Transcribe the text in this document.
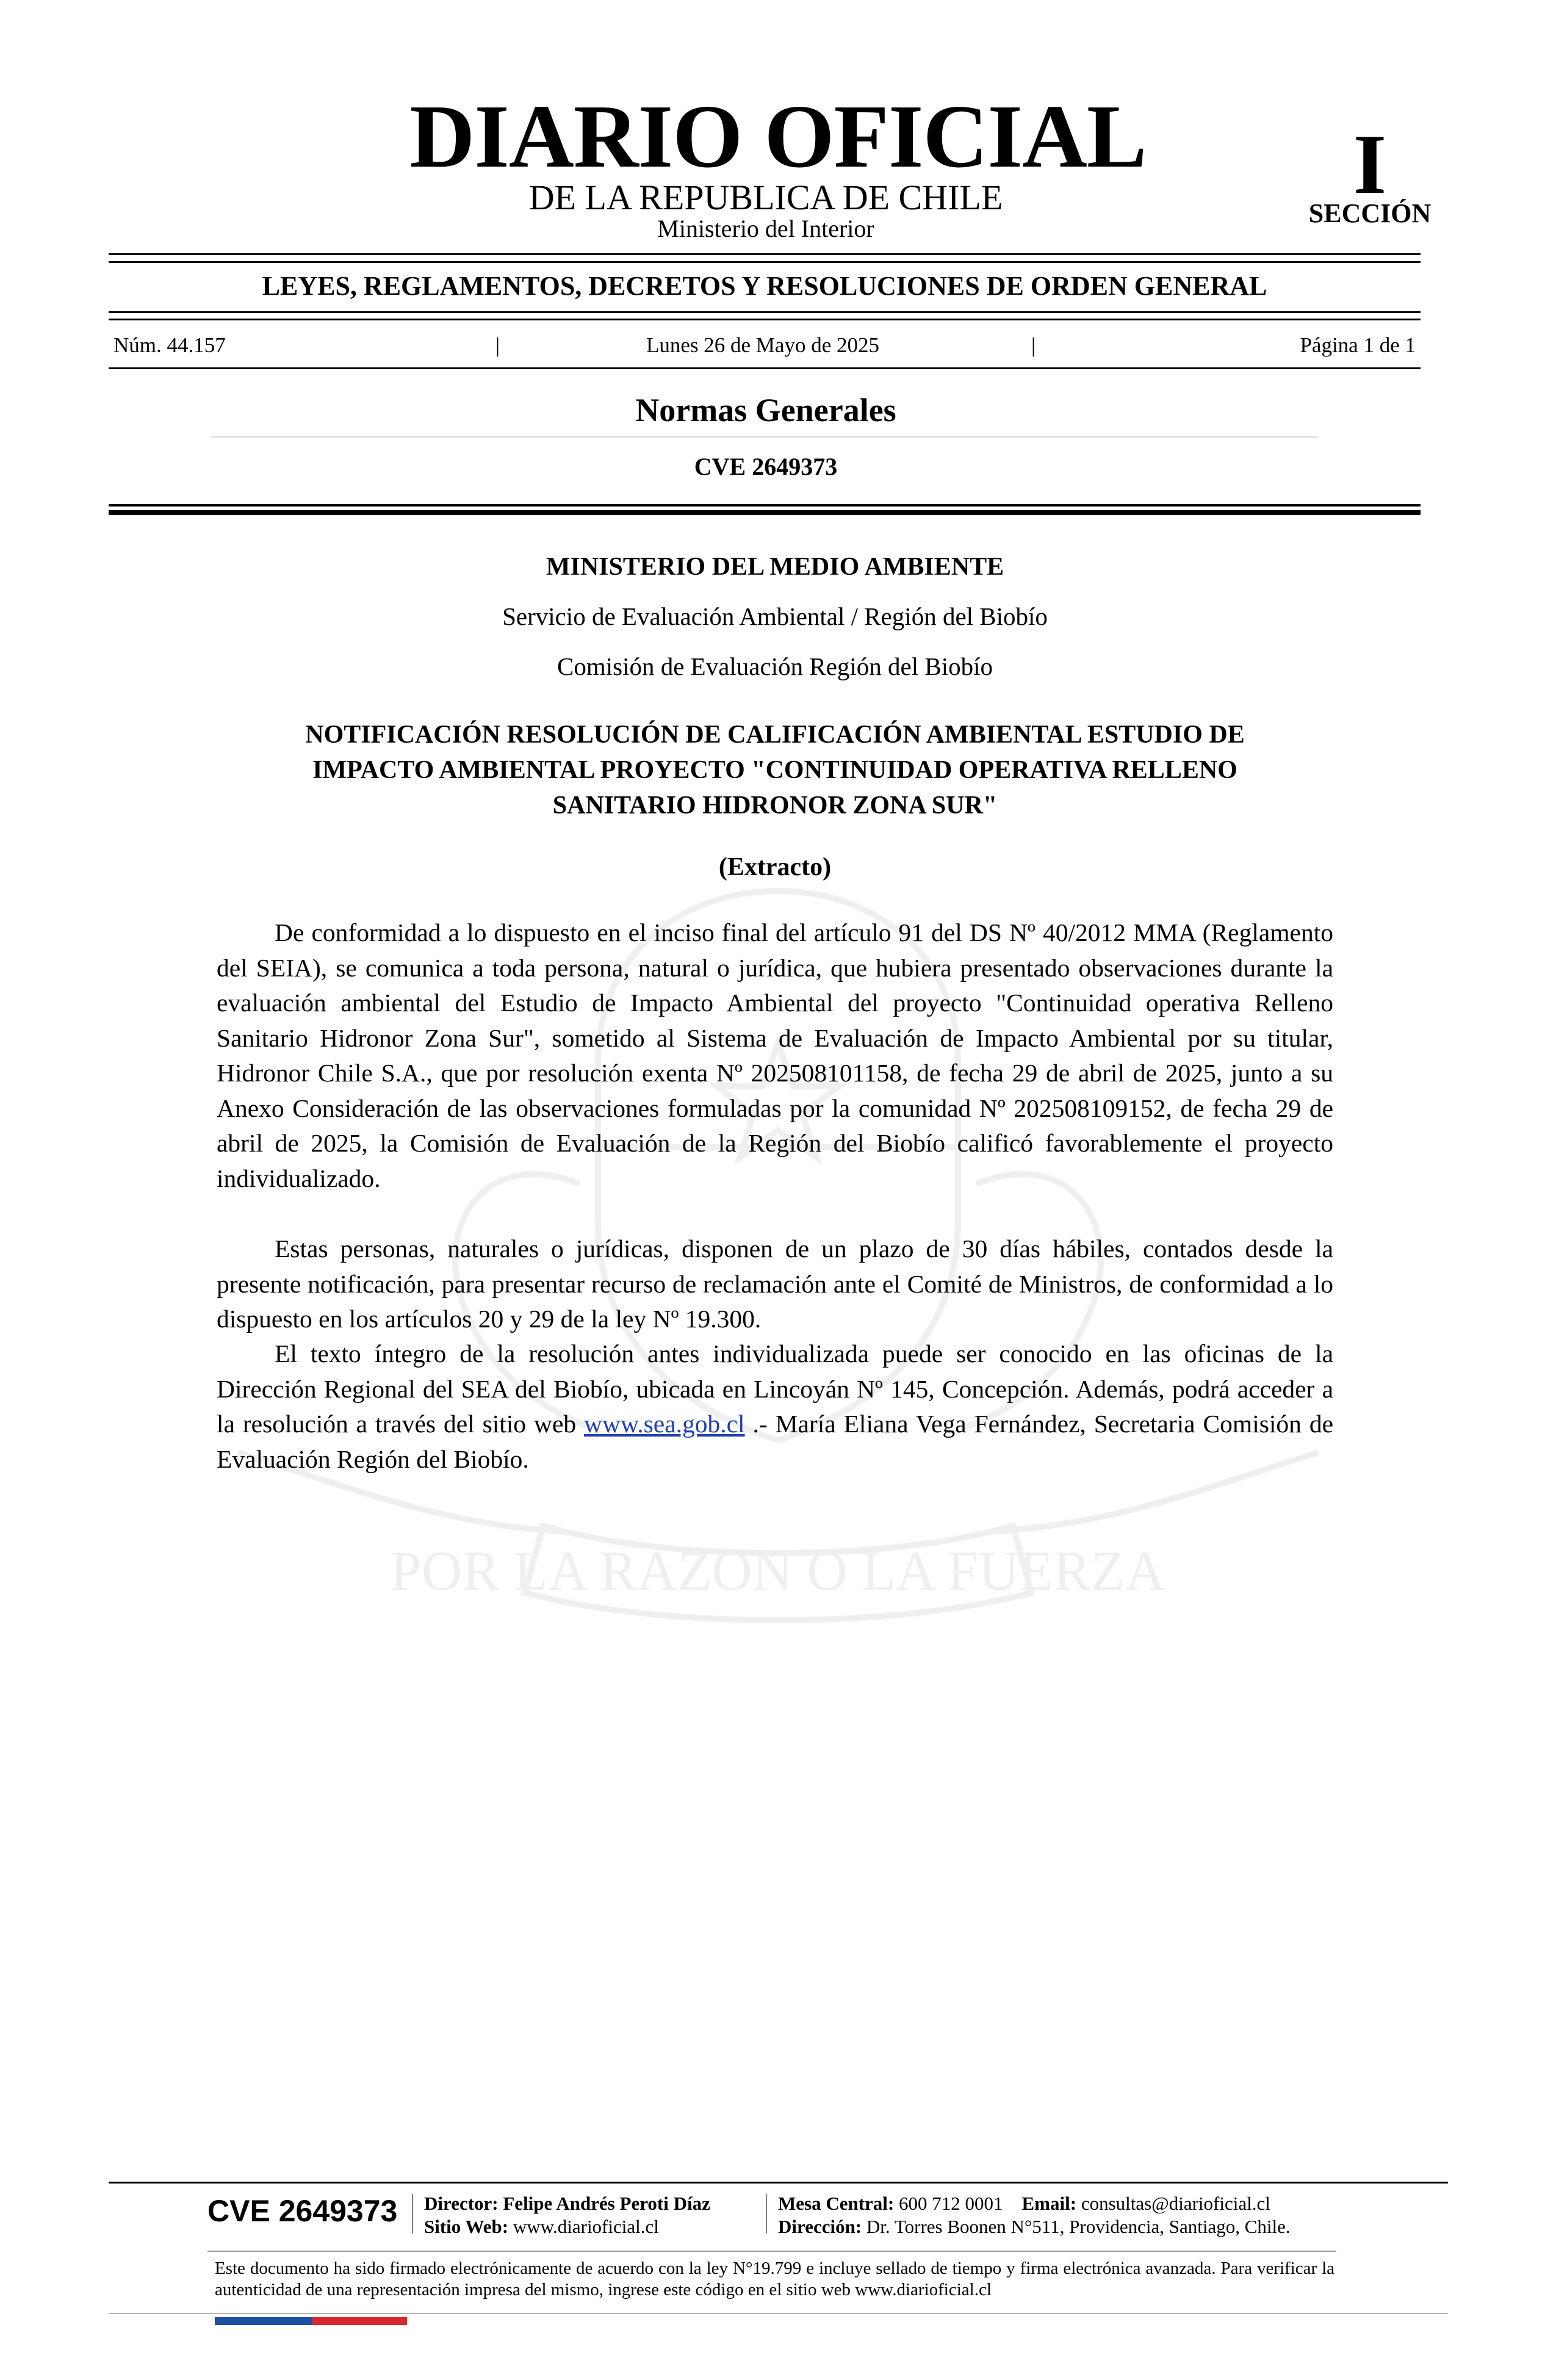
POR LA RAZON O LA FUERZA
DIARIO OFICIAL
DE LA REPUBLICA DE CHILE
Ministerio del Interior
I
SECCIÓN
LEYES, REGLAMENTOS, DECRETOS Y RESOLUCIONES DE ORDEN GENERAL
Núm. 44.157	|	Lunes 26 de Mayo de 2025	|	Página 1 de 1
Normas Generales
CVE 2649373
MINISTERIO DEL MEDIO AMBIENTE
Servicio de Evaluación Ambiental / Región del Biobío
Comisión de Evaluación Región del Biobío
NOTIFICACIÓN RESOLUCIÓN DE CALIFICACIÓN AMBIENTAL ESTUDIO DE
IMPACTO AMBIENTAL PROYECTO "CONTINUIDAD OPERATIVA RELLENO
SANITARIO HIDRONOR ZONA SUR"
(Extracto)

De conformidad a lo dispuesto en el inciso final del artículo 91 del DS Nº 40/2012 MMA (Reglamento del SEIA), se comunica a toda persona, natural o jurídica, que hubiera presentado observaciones durante la evaluación ambiental del Estudio de Impacto Ambiental del proyecto "Continuidad operativa Relleno Sanitario Hidronor Zona Sur", sometido al Sistema de Evaluación de Impacto Ambiental por su titular, Hidronor Chile S.A., que por resolución exenta Nº 202508101158, de fecha 29 de abril de 2025, junto a su Anexo Consideración de las observaciones formuladas por la comunidad Nº 202508109152, de fecha 29 de abril de 2025, la Comisión de Evaluación de la Región del Biobío calificó favorablemente el proyecto individualizado.

Estas personas, naturales o jurídicas, disponen de un plazo de 30 días hábiles, contados desde la presente notificación, para presentar recurso de reclamación ante el Comité de Ministros, de conformidad a lo dispuesto en los artículos 20 y 29 de la ley Nº 19.300.

El texto íntegro de la resolución antes individualizada puede ser conocido en las oficinas de la Dirección Regional del SEA del Biobío, ubicada en Lincoyán Nº 145, Concepción. Además, podrá acceder a la resolución a través del sitio web www.sea.gob.cl .- María Eliana Vega Fernández, Secretaria Comisión de Evaluación Región del Biobío.

CVE 2649373 Director: Felipe Andrés Peroti Díaz
Sitio Web: www.diarioficial.cl
Mesa Central: 600 712 0001 Email: consultas@diarioficial.cl
Dirección: Dr. Torres Boonen N°511, Providencia, Santiago, Chile.
Este documento ha sido firmado electrónicamente de acuerdo con la ley N°19.799 e incluye sellado de tiempo y firma electrónica avanzada. Para verificar la autenticidad de una representación impresa del mismo, ingrese este código en el sitio web www.diarioficial.cl
